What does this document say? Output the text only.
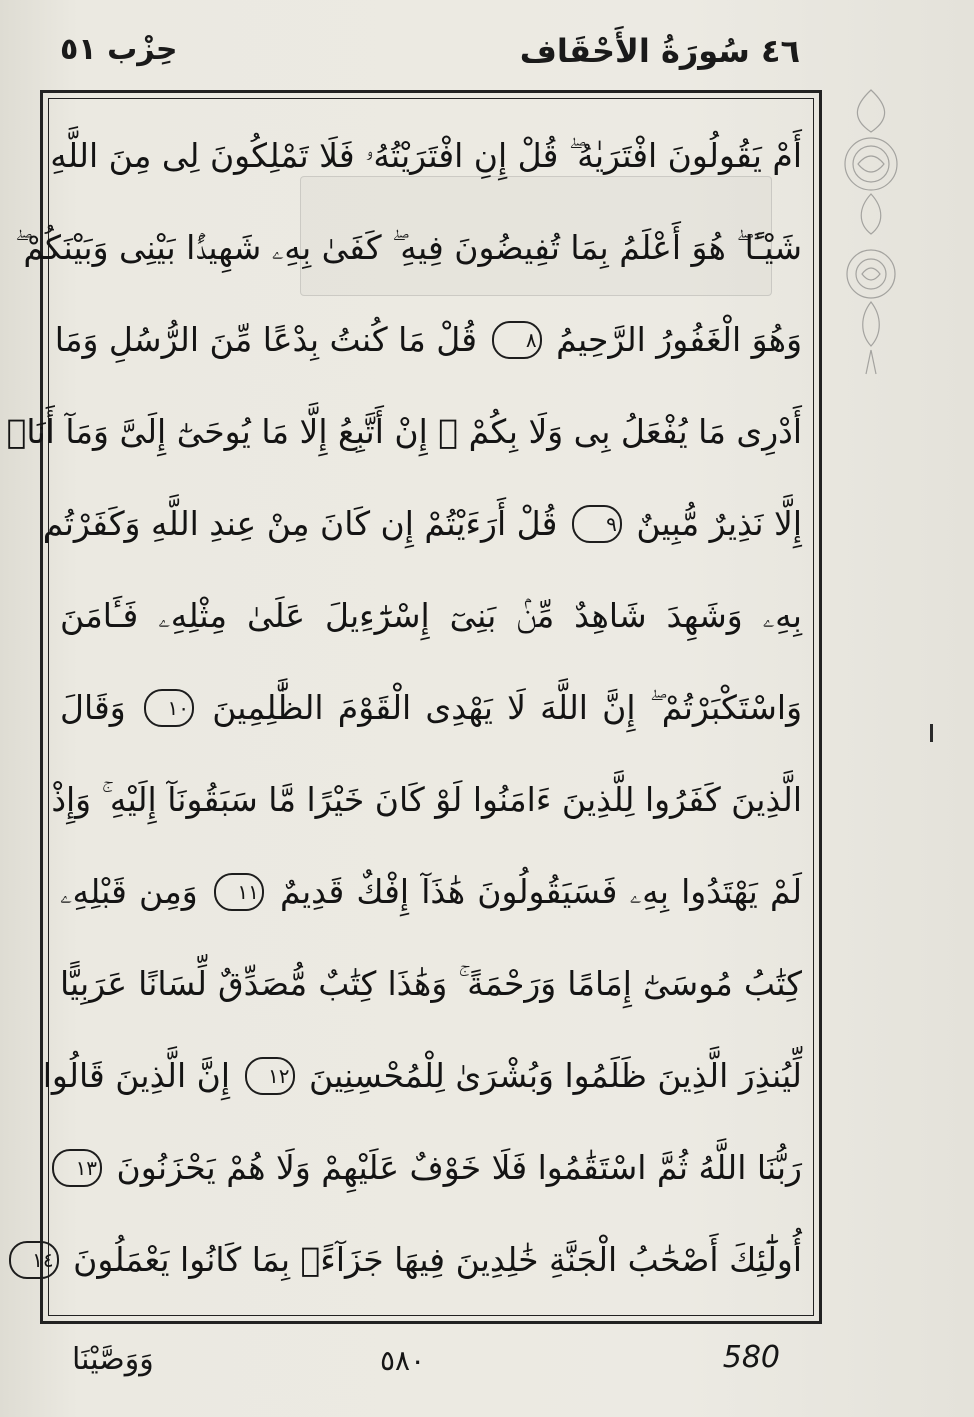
٤٦ سُورَةُ الأَحْقَاف
حِزْب ٥١
أَمْ يَقُولُونَ افْتَرَيٰهُ ۖ قُلْ إِنِ افْتَرَيْتُهُۥ فَلَا تَمْلِكُونَ لِى مِنَ اللَّهِ
شَيْـًٔا ۖ هُوَ أَعْلَمُ بِمَا تُفِيضُونَ فِيهِ ۖ كَفَىٰ بِهِۦ شَهِيدًۢا بَيْنِى وَبَيْنَكُمْ ۖ
وَهُوَ الْغَفُورُ الرَّحِيمُ ٨ قُلْ مَا كُنتُ بِدْعًا مِّنَ الرُّسُلِ وَمَا
أَدْرِى مَا يُفْعَلُ بِى وَلَا بِكُمْ ۖ إِنْ أَتَّبِعُ إِلَّا مَا يُوحَىٰٓ إِلَىَّ وَمَآ أَنَا۠
إِلَّا نَذِيرٌ مُّبِينٌ ٩ قُلْ أَرَءَيْتُمْ إِن كَانَ مِنْ عِندِ اللَّهِ وَكَفَرْتُم
بِهِۦ وَشَهِدَ شَاهِدٌ مِّنۢ بَنِىٓ إِسْرَٰٓءِيلَ عَلَىٰ مِثْلِهِۦ فَـَٔامَنَ
وَاسْتَكْبَرْتُمْ ۖ إِنَّ اللَّهَ لَا يَهْدِى الْقَوْمَ الظَّٰلِمِينَ ١٠ وَقَالَ
الَّذِينَ كَفَرُوا لِلَّذِينَ ءَامَنُوا لَوْ كَانَ خَيْرًا مَّا سَبَقُونَآ إِلَيْهِ ۚ وَإِذْ
لَمْ يَهْتَدُوا بِهِۦ فَسَيَقُولُونَ هَٰذَآ إِفْكٌ قَدِيمٌ ١١ وَمِن قَبْلِهِۦ
كِتَٰبُ مُوسَىٰٓ إِمَامًا وَرَحْمَةً ۚ وَهَٰذَا كِتَٰبٌ مُّصَدِّقٌ لِّسَانًا عَرَبِيًّا
لِّيُنذِرَ الَّذِينَ ظَلَمُوا وَبُشْرَىٰ لِلْمُحْسِنِينَ ١٢ إِنَّ الَّذِينَ قَالُوا
رَبُّنَا اللَّهُ ثُمَّ اسْتَقَٰمُوا فَلَا خَوْفٌ عَلَيْهِمْ وَلَا هُمْ يَحْزَنُونَ ١٣
أُولَٰٓئِكَ أَصْحَٰبُ الْجَنَّةِ خَٰلِدِينَ فِيهَا جَزَآءًۢ بِمَا كَانُوا يَعْمَلُونَ ١٤
وَوَصَّيْنَا	٥٨٠	580
